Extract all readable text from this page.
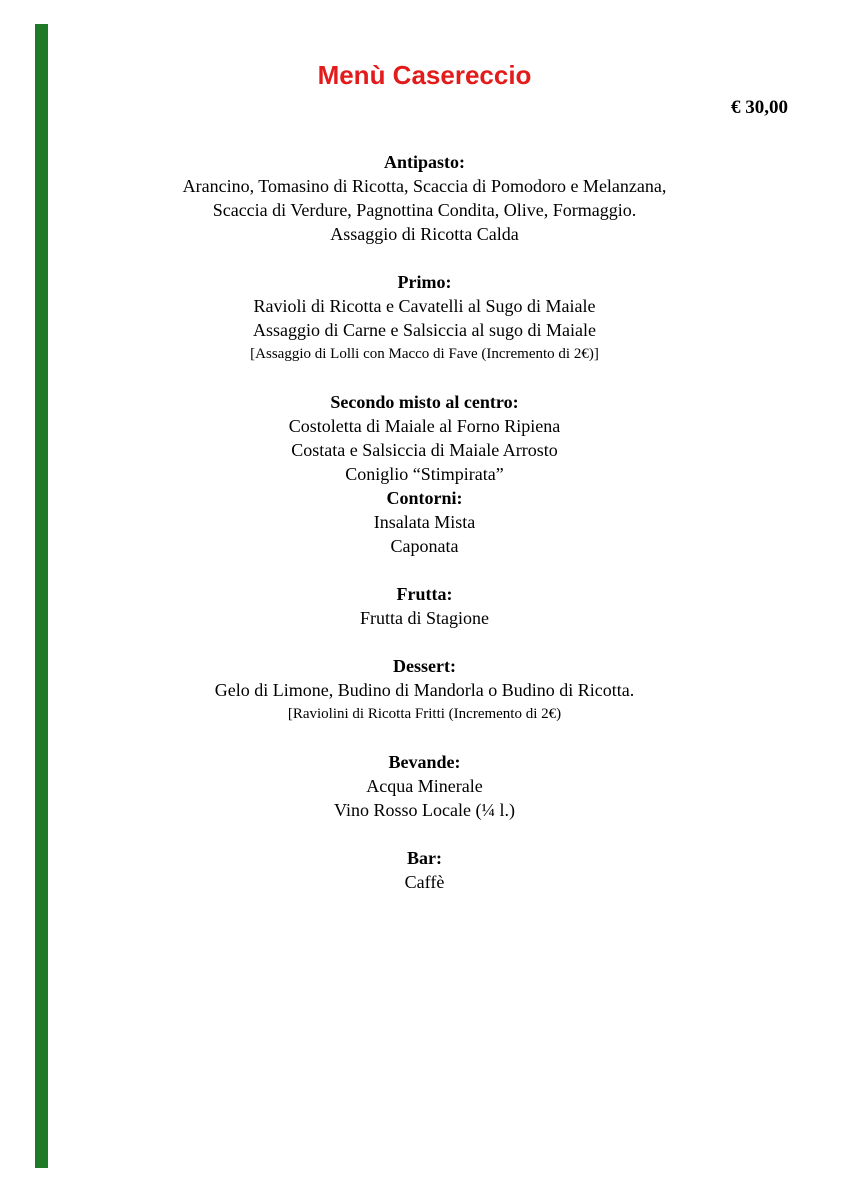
Menù Casereccio
€ 30,00
Antipasto:
Arancino, Tomasino di Ricotta, Scaccia di Pomodoro e Melanzana,
Scaccia di Verdure, Pagnottina Condita, Olive, Formaggio.
Assaggio di Ricotta Calda
Primo:
Ravioli di Ricotta e Cavatelli al Sugo di Maiale
Assaggio di Carne e Salsiccia al sugo di Maiale
[Assaggio di Lolli con Macco di Fave (Incremento di 2€)]
Secondo misto al centro:
Costoletta di Maiale al Forno Ripiena
Costata e Salsiccia di Maiale Arrosto
Coniglio “Stimpirata”
Contorni:
Insalata Mista
Caponata
Frutta:
Frutta di Stagione
Dessert:
Gelo di Limone, Budino di Mandorla o Budino di Ricotta.
[Raviolini di Ricotta Fritti (Incremento di 2€)
Bevande:
Acqua Minerale
Vino Rosso Locale (¼ l.)
Bar:
Caffè
